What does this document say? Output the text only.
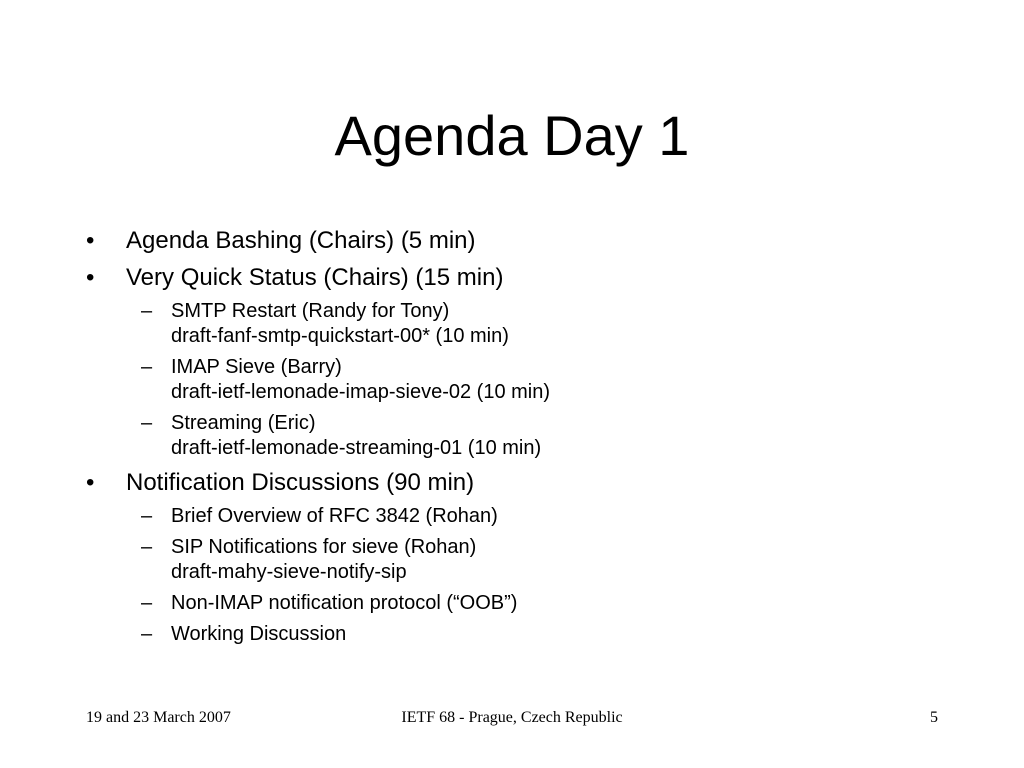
Agenda Day 1
•	Agenda Bashing (Chairs) (5 min)
•	Very Quick Status (Chairs) (15 min)
– SMTP Restart (Randy for Tony)
draft-fanf-smtp-quickstart-00* (10 min)
– IMAP Sieve (Barry)
draft-ietf-lemonade-imap-sieve-02 (10 min)
– Streaming (Eric)
draft-ietf-lemonade-streaming-01 (10 min)
•	Notification Discussions (90 min)
– Brief Overview of RFC 3842 (Rohan)
– SIP Notifications for sieve (Rohan)
draft-mahy-sieve-notify-sip
– Non-IMAP notification protocol (“OOB”)
– Working Discussion
19 and 23 March 2007	IETF 68 - Prague, Czech Republic	5
